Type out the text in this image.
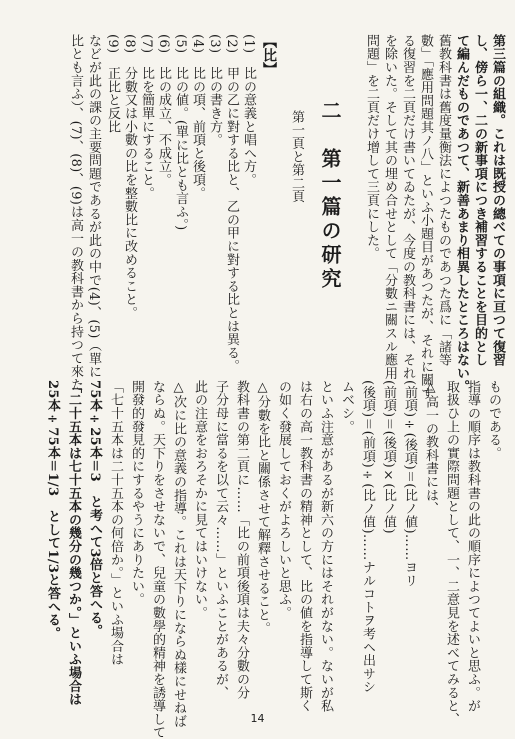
第三篇の組織。これは既授の總べての事項に亘つて復習
し、傍ら一、二の新事項につき補習することを目的とし
て編んだものであつて、新善あまり相異したところはない。
舊教科書は舊度量衡法によつたものであつた爲に「諸等
數」「應用問題其ノ八」といふ小題目があつたが、それに關す
る復習を二頁だけ書いてゐたが、今度の教科書には、それ
を除いた。そして其の埋め合せとして「分數ニ關スル應用
問題」を二頁だけ增して三頁にした。
二　第一篇の研究
第一頁と第二頁
【比】
(1)　比の意義と唱へ方。
(2)　甲の乙に對する比と、乙の甲に對する比とは異る。
(3)　比の書き方。
(4)　比の項、前項と後項。
(5)　比の値。(單に比とも言ふ。)
(6)　比の成立、不成立。
(7)　比を簡單にすること。
(8)　分數又は小數の比を整數比に改めること。
(9)　正比と反比
などが此の課の主要問題であるが此の中で(4)、(5)（單に
比とも言ふ）、(7)、(8)、(9)は高一の教科書から持つて來た
ものである。
指導の順序は教科書の此の順序によつてよいと思ふ。が
取扱ひ上の實際問題として、一、二意見を述べてみると、
△高一の教科書には、
(前項)÷(後項)＝(比ノ値)……ヨリ
(前項)＝(後項)×(比ノ值)
(後項)＝(前項)÷(比ノ值)……ナルコトヲ考ヘ出サシ
ムベシ。
といふ注意があるが新六の方にはそれがない。ないが私
は右の高一教科書の精神として、比の値を指導して斯く
の如く發展しておくがよろしいと思ふ。
△分數を比と關係させて解釋させること。
教科書の第二頁に……「比の前項後項は夫々分數の分
子分母に當るを以て云々……」といふことがあるが、
此の注意をおろそかに見てはいけない。
△次に比の意義の指導。これは天下りにならぬ樣にせねば
ならぬ。天下りをさせないで、兒童の數學的精神を誘導して
開發的發見的にするやうにありたい。
「七十五本は二十五本の何倍か。」といふ場合は
75本÷25本＝3　と考へて3倍と答へる。
「二十五本は七十五本の幾分の幾つか。」といふ場合は
25本÷75本＝1/3　として1/3と答へる。
14
